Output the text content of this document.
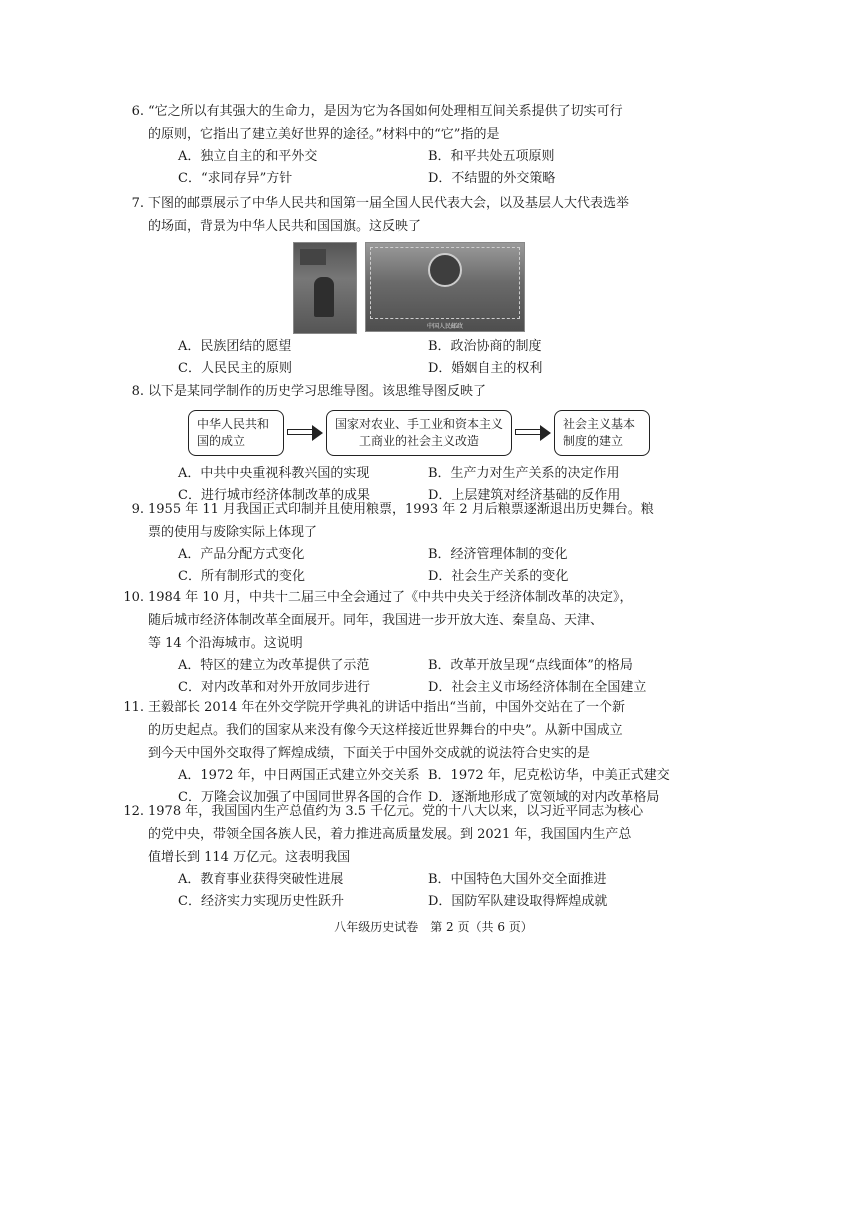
6. “它之所以有其强大的生命力，是因为它为各国如何处理相互间关系提供了切实可行
的原则，它指出了建立美好世界的途径。”材料中的“它”指的是
A．独立自主的和平外交	B．和平共处五项原则
C．“求同存异”方针	D．不结盟的外交策略
7. 下图的邮票展示了中华人民共和国第一届全国人民代表大会，以及基层人大代表选举
的场面，背景为中华人民共和国国旗。这反映了
中国人民邮政
A．民族团结的愿望	B．政治协商的制度
C．人民民主的原则	D．婚姻自主的权利
8. 以下是某同学制作的历史学习思维导图。该思维导图反映了
中华人民共和国的成立
国家对农业、手工业和资本主义工商业的社会主义改造
社会主义基本制度的建立
A．中共中央重视科教兴国的实现	B．生产力对生产关系的决定作用
C．进行城市经济体制改革的成果	D．上层建筑对经济基础的反作用
9. 1955 年 11 月我国正式印制并且使用粮票，1993 年 2 月后粮票逐渐退出历史舞台。粮
票的使用与废除实际上体现了
A．产品分配方式变化	B．经济管理体制的变化
C．所有制形式的变化	D．社会生产关系的变化
10. 1984 年 10 月，中共十二届三中全会通过了《中共中央关于经济体制改革的决定》，
随后城市经济体制改革全面展开。同年，我国进一步开放大连、秦皇岛、天津、
等 14 个沿海城市。这说明
A．特区的建立为改革提供了示范	B．改革开放呈现“点线面体”的格局
C．对内改革和对外开放同步进行	D．社会主义市场经济体制在全国建立
11. 王毅部长 2014 年在外交学院开学典礼的讲话中指出“当前，中国外交站在了一个新
的历史起点。我们的国家从来没有像今天这样接近世界舞台的中央”。从新中国成立
到今天中国外交取得了辉煌成绩，下面关于中国外交成就的说法符合史实的是
A．1972 年，中日两国正式建立外交关系 B．1972 年，尼克松访华，中美正式建交
C．万隆会议加强了中国同世界各国的合作 D．逐渐地形成了宽领域的对内改革格局
12. 1978 年，我国国内生产总值约为 3.5 千亿元。党的十八大以来，以习近平同志为核心
的党中央，带领全国各族人民，着力推进高质量发展。到 2021 年，我国国内生产总
值增长到 114 万亿元。这表明我国
A．教育事业获得突破性进展	B．中国特色大国外交全面推进
C．经济实力实现历史性跃升	D．国防军队建设取得辉煌成就
八年级历史试卷　第 2 页（共 6 页）
